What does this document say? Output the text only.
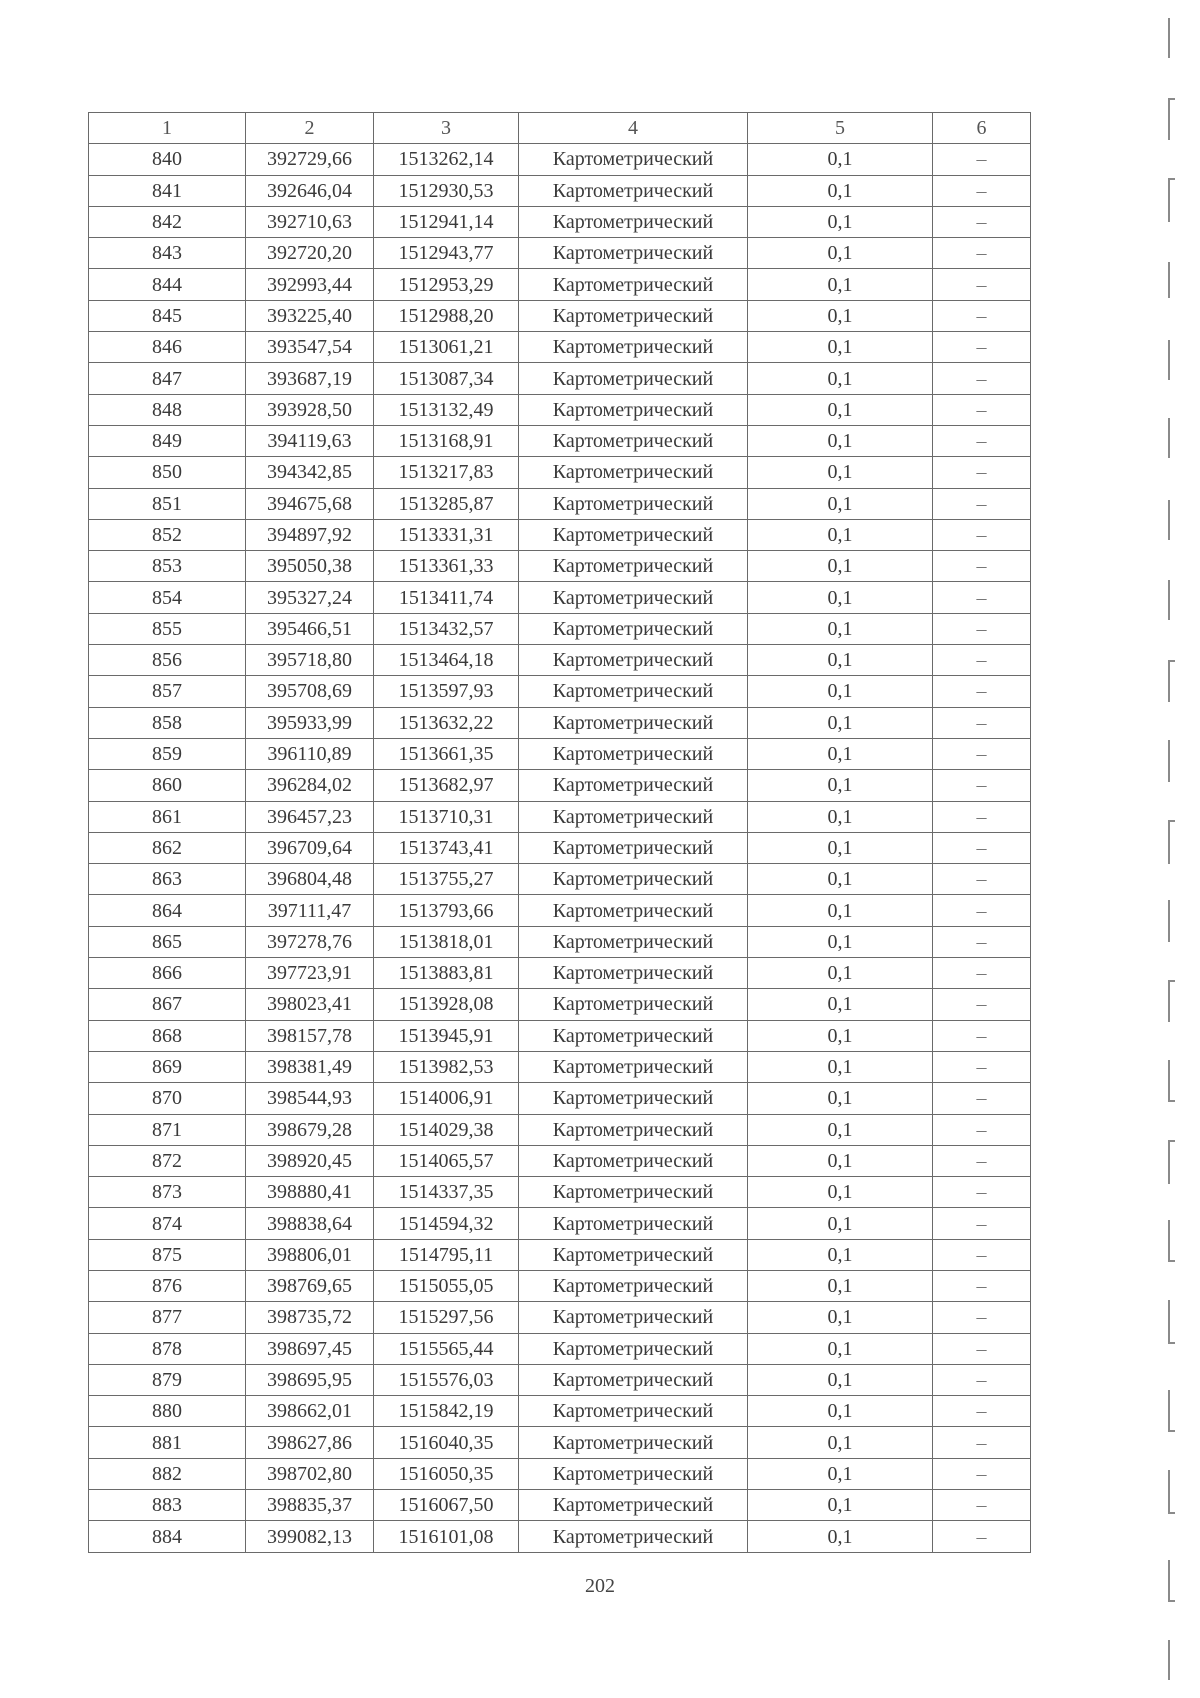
1	2	3	4	5	6
840	392729,66	1513262,14	Картометрический	0,1	–
841	392646,04	1512930,53	Картометрический	0,1	–
842	392710,63	1512941,14	Картометрический	0,1	–
843	392720,20	1512943,77	Картометрический	0,1	–
844	392993,44	1512953,29	Картометрический	0,1	–
845	393225,40	1512988,20	Картометрический	0,1	–
846	393547,54	1513061,21	Картометрический	0,1	–
847	393687,19	1513087,34	Картометрический	0,1	–
848	393928,50	1513132,49	Картометрический	0,1	–
849	394119,63	1513168,91	Картометрический	0,1	–
850	394342,85	1513217,83	Картометрический	0,1	–
851	394675,68	1513285,87	Картометрический	0,1	–
852	394897,92	1513331,31	Картометрический	0,1	–
853	395050,38	1513361,33	Картометрический	0,1	–
854	395327,24	1513411,74	Картометрический	0,1	–
855	395466,51	1513432,57	Картометрический	0,1	–
856	395718,80	1513464,18	Картометрический	0,1	–
857	395708,69	1513597,93	Картометрический	0,1	–
858	395933,99	1513632,22	Картометрический	0,1	–
859	396110,89	1513661,35	Картометрический	0,1	–
860	396284,02	1513682,97	Картометрический	0,1	–
861	396457,23	1513710,31	Картометрический	0,1	–
862	396709,64	1513743,41	Картометрический	0,1	–
863	396804,48	1513755,27	Картометрический	0,1	–
864	397111,47	1513793,66	Картометрический	0,1	–
865	397278,76	1513818,01	Картометрический	0,1	–
866	397723,91	1513883,81	Картометрический	0,1	–
867	398023,41	1513928,08	Картометрический	0,1	–
868	398157,78	1513945,91	Картометрический	0,1	–
869	398381,49	1513982,53	Картометрический	0,1	–
870	398544,93	1514006,91	Картометрический	0,1	–
871	398679,28	1514029,38	Картометрический	0,1	–
872	398920,45	1514065,57	Картометрический	0,1	–
873	398880,41	1514337,35	Картометрический	0,1	–
874	398838,64	1514594,32	Картометрический	0,1	–
875	398806,01	1514795,11	Картометрический	0,1	–
876	398769,65	1515055,05	Картометрический	0,1	–
877	398735,72	1515297,56	Картометрический	0,1	–
878	398697,45	1515565,44	Картометрический	0,1	–
879	398695,95	1515576,03	Картометрический	0,1	–
880	398662,01	1515842,19	Картометрический	0,1	–
881	398627,86	1516040,35	Картометрический	0,1	–
882	398702,80	1516050,35	Картометрический	0,1	–
883	398835,37	1516067,50	Картометрический	0,1	–
884	399082,13	1516101,08	Картометрический	0,1	–
202
